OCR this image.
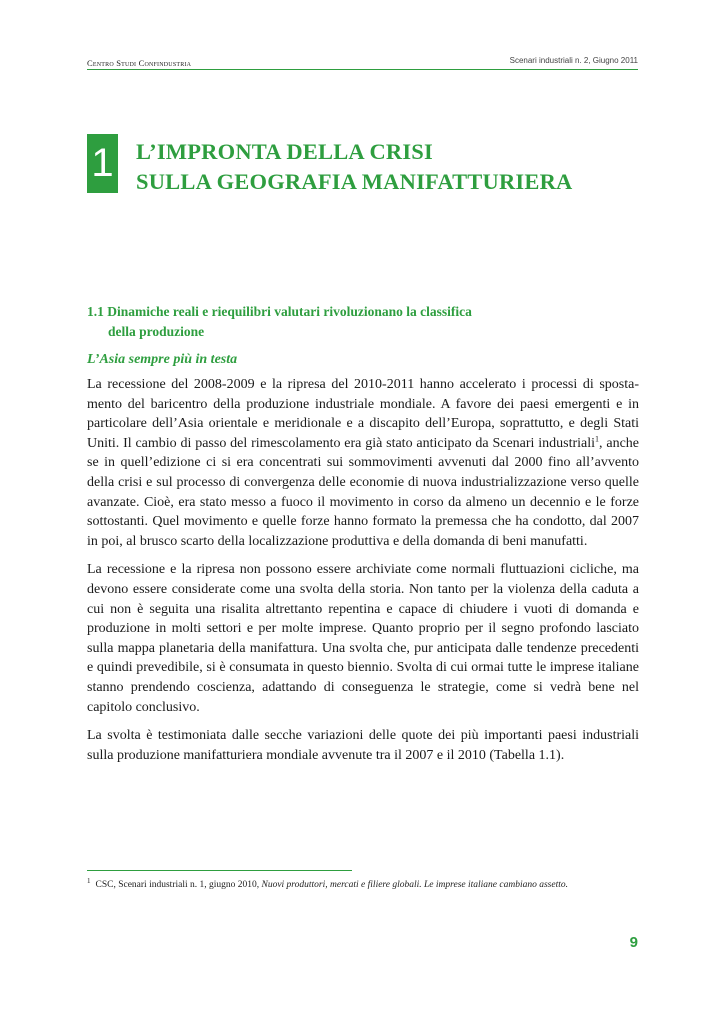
Centro Studi Confindustria	Scenari industriali n. 2, Giugno 2011
1 L’IMPRONTA DELLA CRISI
SULLA GEOGRAFIA MANIFATTURIERA
1.1 Dinamiche reali e riequilibri valutari rivoluzionano la classifica
della produzione
L’Asia sempre più in testa

La recessione del 2008-2009 e la ripresa del 2010-2011 hanno accelerato i processi di spostamento del baricentro della produzione industriale mondiale. A favore dei paesi emergenti e in particolare dell’Asia orientale e meridionale e a discapito dell’Europa, soprattutto, e degli Stati Uniti. Il cambio di passo del rimescolamento era già stato anticipato da Scenari industriali$^1$, anche se in quell’edizione ci si era concentrati sui sommovimenti avvenuti dal 2000 fino all’avvento della crisi e sul processo di convergenza delle economie di nuova industrializzazione verso quelle avanzate. Cioè, era stato messo a fuoco il movimento in corso da almeno un decennio e le forze sottostanti. Quel movimento e quelle forze hanno formato la premessa che ha condotto, dal 2007 in poi, al brusco scarto della localizzazione produttiva e della domanda di beni manufatti.

La recessione e la ripresa non possono essere archiviate come normali fluttuazioni cicliche, ma devono essere considerate come una svolta della storia. Non tanto per la violenza della caduta a cui non è seguita una risalita altrettanto repentina e capace di chiudere i vuoti di domanda e produzione in molti settori e per molte imprese. Quanto proprio per il segno profondo lasciato sulla mappa planetaria della manifattura. Una svolta che, pur anticipata dalle tendenze precedenti e quindi prevedibile, si è consumata in questo biennio. Svolta di cui ormai tutte le imprese italiane stanno prendendo coscienza, adattando di conseguenza le strategie, come si vedrà bene nel capitolo conclusivo.

La svolta è testimoniata dalle secche variazioni delle quote dei più importanti paesi industriali sulla produzione manifatturiera mondiale avvenute tra il 2007 e il 2010 (Tabella 1.1).

$^1$ CSC, Scenari industriali n. 1, giugno 2010, Nuovi produttori, mercati e filiere globali. Le imprese italiane cambiano assetto.
9
